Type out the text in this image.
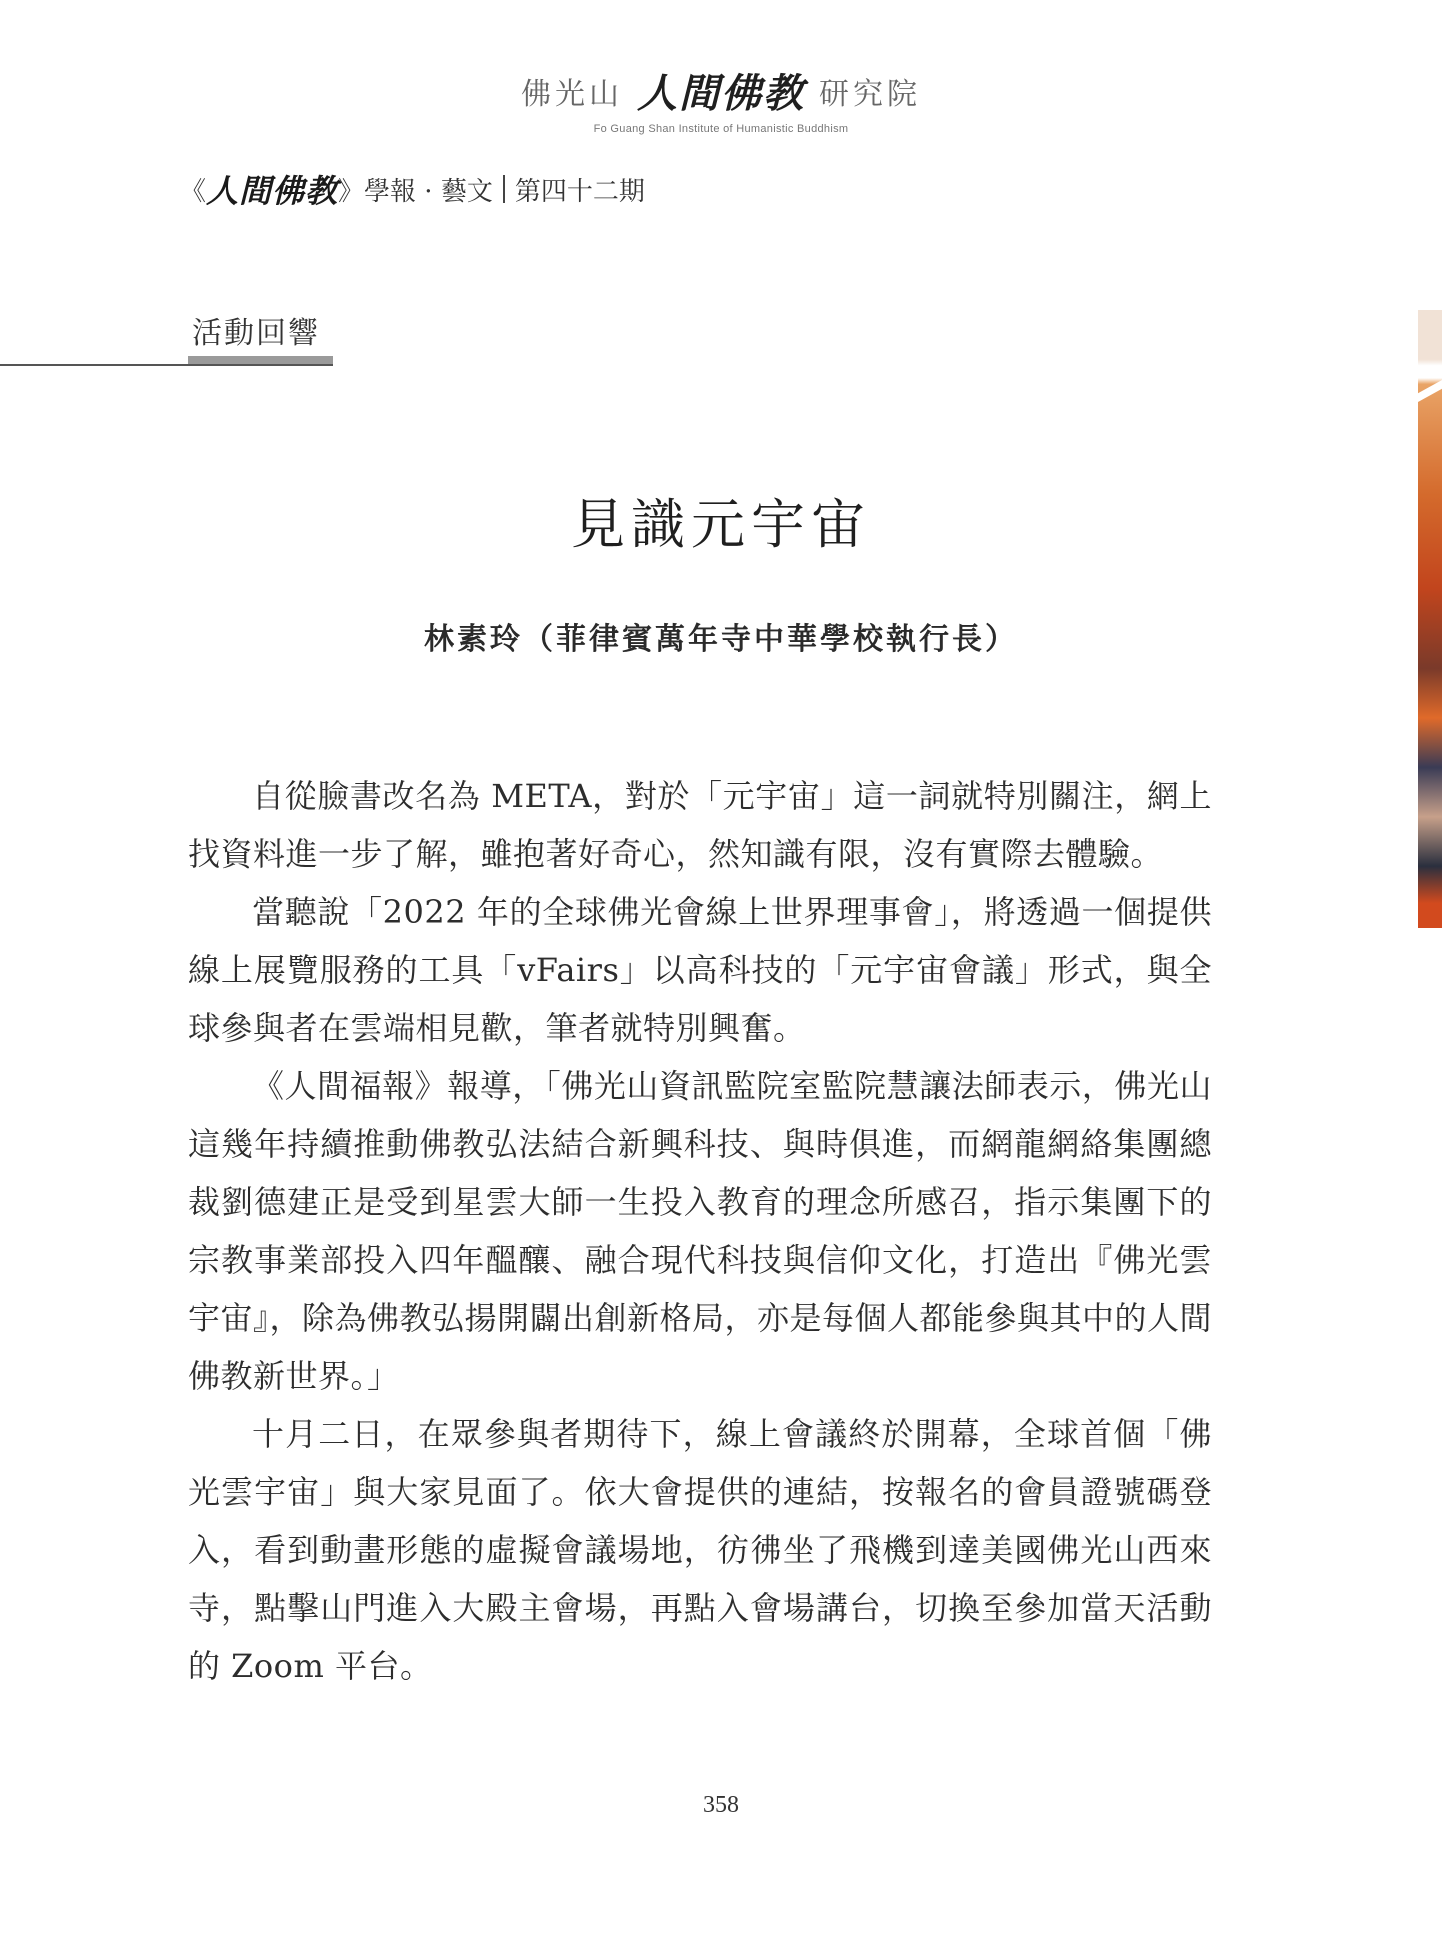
佛光山 人間佛教 研究院
Fo Guang Shan Institute of Humanistic Buddhism
《 人間佛教 》 學報 · 藝文 第四十二期
活動回響
見識元宇宙
林素玲（菲律賓萬年寺中華學校執行長）

自從臉書改名為 META，對於「元宇宙」這一詞就特別關注，網上找資料進一步了解，雖抱著好奇心，然知識有限，沒有實際去體驗。

當聽說「2022 年的全球佛光會線上世界理事會」，將透過一個提供線上展覽服務的工具「vFairs」以高科技的「元宇宙會議」形式，與全球參與者在雲端相見歡，筆者就特別興奮。

《人間福報》報導，「佛光山資訊監院室監院慧讓法師表示，佛光山這幾年持續推動佛教弘法結合新興科技、與時俱進，而網龍網絡集團總裁劉德建正是受到星雲大師一生投入教育的理念所感召，指示集團下的宗教事業部投入四年醞釀、融合現代科技與信仰文化，打造出『佛光雲宇宙』，除為佛教弘揚開闢出創新格局，亦是每個人都能參與其中的人間佛教新世界。」

十月二日，在眾參與者期待下，線上會議終於開幕，全球首個「佛光雲宇宙」與大家見面了。依大會提供的連結，按報名的會員證號碼登入，看到動畫形態的虛擬會議場地，彷彿坐了飛機到達美國佛光山西來寺，點擊山門進入大殿主會場，再點入會場講台，切換至參加當天活動的 Zoom 平台。

358
